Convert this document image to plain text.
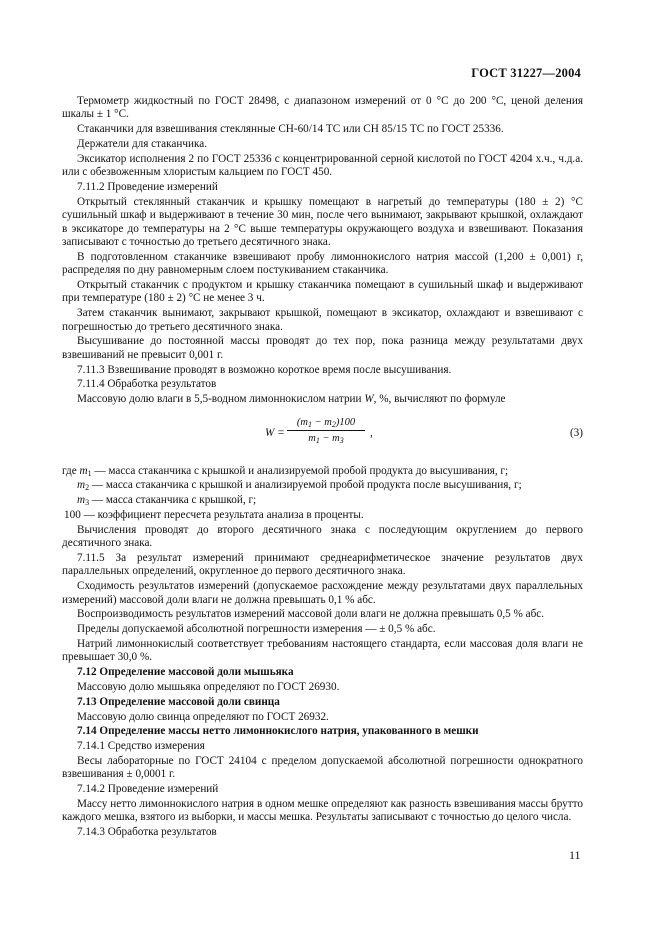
ГОСТ 31227—2004

Термометр жидкостный по ГОСТ 28498, с диапазоном измерений от 0 °С до 200 °С, ценой деления шкалы ± 1 °С.

Стаканчики для взвешивания стеклянные СН-60/14 ТС или СН 85/15 ТС по ГОСТ 25336.

Держатели для стаканчика.

Эксикатор исполнения 2 по ГОСТ 25336 с концентрированной серной кислотой по ГОСТ 4204 х.ч., ч.д.а. или с обезвоженным хлористым кальцием по ГОСТ 450.

7.11.2 Проведение измерений

Открытый стеклянный стаканчик и крышку помещают в нагретый до температуры (180 ± 2) °С сушильный шкаф и выдерживают в течение 30 мин, после чего вынимают, закрывают крышкой, охлаждают в эксикаторе до температуры на 2 °С выше температуры окружающего воздуха и взвешивают. Показания записывают с точностью до третьего десятичного знака.

В подготовленном стаканчике взвешивают пробу лимоннокислого натрия массой (1,200 ± 0,001) г, распределяя по дну равномерным слоем постукиванием стаканчика.

Открытый стаканчик с продуктом и крышку стаканчика помещают в сушильный шкаф и выдерживают при температуре (180 ± 2) °С не менее 3 ч.

Затем стаканчик вынимают, закрывают крышкой, помещают в эксикатор, охлаждают и взвешивают с погрешностью до третьего десятичного знака.

Высушивание до постоянной массы проводят до тех пор, пока разница между результатами двух взвешиваний не превысит 0,001 г.

7.11.3 Взвешивание проводят в возможно короткое время после высушивания.

7.11.4 Обработка результатов

Массовую долю влаги в 5,5-водном лимоннокислом натрии W, %, вычисляют по формуле

$W = \frac{(m_1 - m_2)100}{m_1 - m_3}$ ,	(3)

где $m_1$ — масса стаканчика с крышкой и анализируемой пробой продукта до высушивания, г;

$m_2$ — масса стаканчика с крышкой и анализируемой пробой продукта после высушивания, г;

$m_3$ — масса стаканчика с крышкой, г;

100 — коэффициент пересчета результата анализа в проценты.

Вычисления проводят до второго десятичного знака с последующим округлением до первого десятичного знака.

7.11.5 За результат измерений принимают среднеарифметическое значение результатов двух параллельных определений, округленное до первого десятичного знака.

Сходимость результатов измерений (допускаемое расхождение между результатами двух параллельных измерений) массовой доли влаги не должна превышать 0,1 % абс.

Воспроизводимость результатов измерений массовой доли влаги не должна превышать 0,5 % абс.

Пределы допускаемой абсолютной погрешности измерения — ± 0,5 % абс.

Натрий лимоннокислый соответствует требованиям настоящего стандарта, если массовая доля влаги не превышает 30,0 %.

7.12 Определение массовой доли мышьяка

Массовую долю мышьяка определяют по ГОСТ 26930.

7.13 Определение массовой доли свинца

Массовую долю свинца определяют по ГОСТ 26932.

7.14 Определение массы нетто лимоннокислого натрия, упакованного в мешки

7.14.1 Средство измерения

Весы лабораторные по ГОСТ 24104 с пределом допускаемой абсолютной погрешности однократного взвешивания ± 0,0001 г.

7.14.2 Проведение измерений

Массу нетто лимоннокислого натрия в одном мешке определяют как разность взвешивания массы брутто каждого мешка, взятого из выборки, и массы мешка. Результаты записывают с точностью до целого числа.

7.14.3 Обработка результатов

11
